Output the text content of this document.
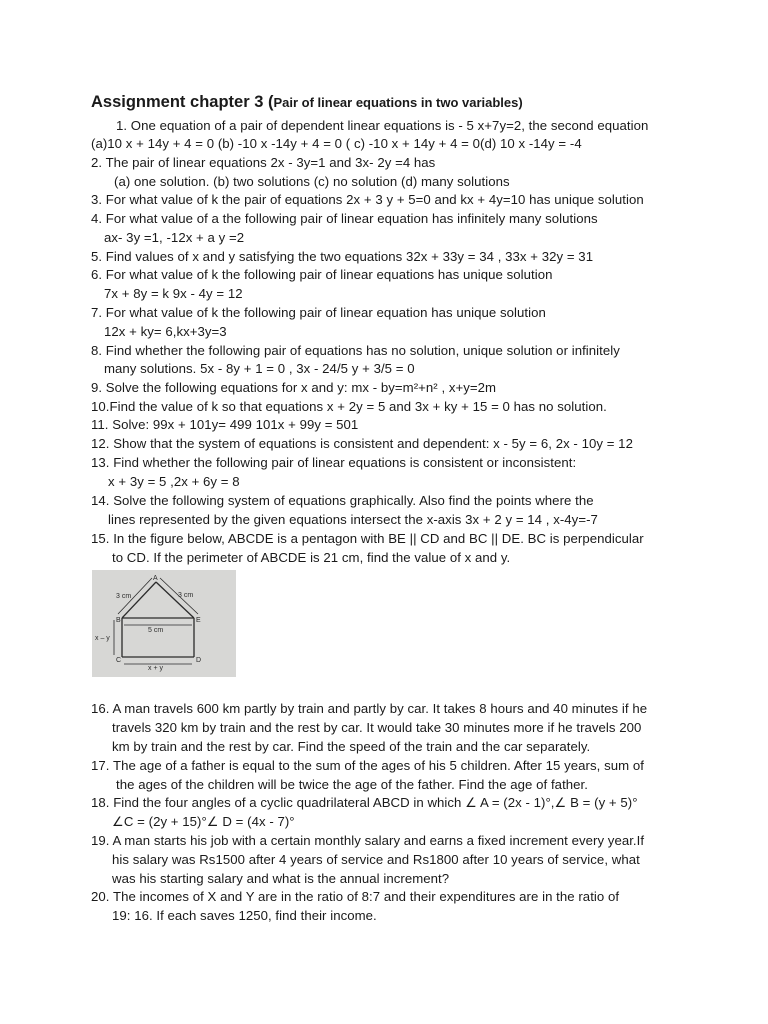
Assignment chapter 3 (Pair of linear equations in two variables)
1. One equation of a pair of dependent linear equations is - 5 x+7y=2, the second equation
(a)10 x + 14y + 4 = 0 (b) -10 x -14y + 4 = 0 ( c) -10 x + 14y + 4 = 0(d) 10 x -14y = -4
2. The pair of linear equations 2x - 3y=1 and 3x- 2y =4 has
(a) one solution. (b) two solutions (c) no solution (d) many solutions
3. For what value of k the pair of equations 2x + 3 y + 5=0 and kx + 4y=10 has unique solution
4. For what value of a the following pair of linear equation has infinitely many solutions
ax- 3y =1, -12x + a y =2
5. Find values of x and y satisfying the two equations 32x + 33y = 34 , 33x + 32y = 31
6. For what value of k the following pair of linear equations has unique solution
7x + 8y = k 9x - 4y = 12
7. For what value of k the following pair of linear equation has unique solution
12x + ky= 6,kx+3y=3
8. Find whether the following pair of equations has no solution, unique solution or infinitely
many solutions. 5x - 8y + 1 = 0 , 3x - 24/5 y + 3/5 = 0
9. Solve the following equations for x and y: mx - by=m²+n² , x+y=2m
10.Find the value of k so that equations x + 2y = 5 and 3x + ky + 15 = 0 has no solution.
11. Solve: 99x + 101y= 499 101x + 99y = 501
12. Show that the system of equations is consistent and dependent: x - 5y = 6, 2x - 10y = 12
13. Find whether the following pair of linear equations is consistent or inconsistent:
x + 3y = 5 ,2x + 6y = 8
14. Solve the following system of equations graphically. Also find the points where the
lines represented by the given equations intersect the x-axis 3x + 2 y = 14 , x-4y=-7
15. In the figure below, ABCDE is a pentagon with BE || CD and BC || DE. BC is perpendicular
to CD. If the perimeter of ABCDE is 21 cm, find the value of x and y.
A
B
C	D
E
3 cm	3 cm
5 cm
x – y
x + y
16. A man travels 600 km partly by train and partly by car. It takes 8 hours and 40 minutes if he
travels 320 km by train and the rest by car. It would take 30 minutes more if he travels 200
km by train and the rest by car. Find the speed of the train and the car separately.
17. The age of a father is equal to the sum of the ages of his 5 children. After 15 years, sum of
the ages of the children will be twice the age of the father. Find the age of father.
18. Find the four angles of a cyclic quadrilateral ABCD in which ∠ A = (2x - 1)°,∠ B = (y + 5)°
∠C = (2y + 15)°∠ D = (4x - 7)°
19. A man starts his job with a certain monthly salary and earns a fixed increment every year.If
his salary was Rs1500 after 4 years of service and Rs1800 after 10 years of service, what
was his starting salary and what is the annual increment?
20. The incomes of X and Y are in the ratio of 8:7 and their expenditures are in the ratio of
19: 16. If each saves 1250, find their income.
